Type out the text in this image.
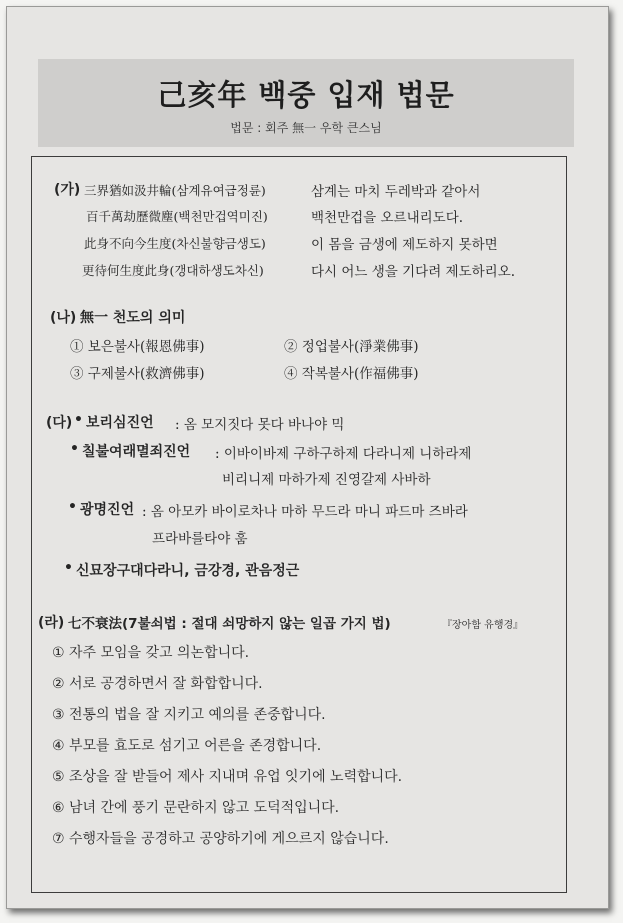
己亥年 백중 입재 법문
법문 : 회주 無一 우학 큰스님
(가) 三界猶如汲井輪(삼계유여급정륜)	삼계는 마치 두레박과 같아서
百千萬劫歷微塵(백천만겁역미진)	백천만겁을 오르내리도다.
此身不向今生度(차신불향금생도)	이 몸을 금생에 제도하지 못하면
更待何生度此身(갱대하생도차신)	다시 어느 생을 기다려 제도하리오.
(나) 無一 천도의 의미
① 보은불사(報恩佛事)	② 정업불사(淨業佛事)
③ 구제불사(救濟佛事)	④ 작복불사(作福佛事)
(다) • 보리심진언 : 옴 모지짓다 못다 바나야 믹
• 칠불여래멸죄진언 : 이바이바제 구하구하제 다라니제 니하라제
비리니제 마하가제 진영갈제 사바하
• 광명진언 : 옴 아모카 바이로차나 마하 무드라 마니 파드마 즈바라
프라바를타야 훔
• 신묘장구대다라니, 금강경, 관음정근
(라) 七不衰法(7불쇠법 : 절대 쇠망하지 않는 일곱 가지 법)	『장아함 유행경』
① 자주 모임을 갖고 의논합니다.
② 서로 공경하면서 잘 화합합니다.
③ 전통의 법을 잘 지키고 예의를 존중합니다.
④ 부모를 효도로 섬기고 어른을 존경합니다.
⑤ 조상을 잘 받들어 제사 지내며 유업 잇기에 노력합니다.
⑥ 남녀 간에 풍기 문란하지 않고 도덕적입니다.
⑦ 수행자들을 공경하고 공양하기에 게으르지 않습니다.
